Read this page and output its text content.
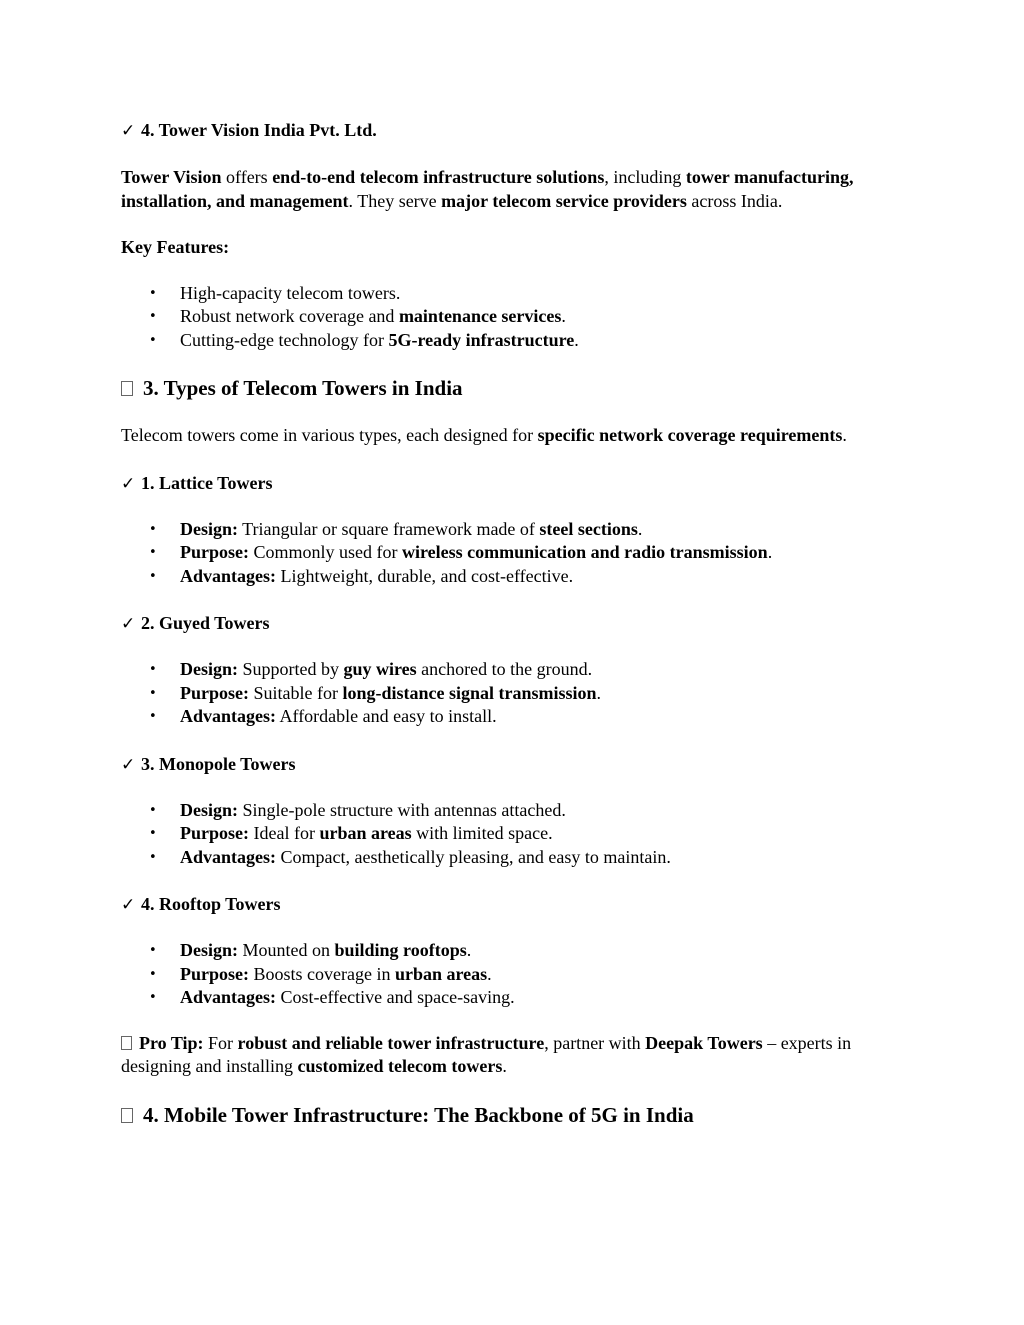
✓ 4. Tower Vision India Pvt. Ltd.

Tower Vision offers end-to-end telecom infrastructure solutions, including tower manufacturing, installation, and management. They serve major telecom service providers across India.

Key Features:

• High-capacity telecom towers.
• Robust network coverage and maintenance services.
• Cutting-edge technology for 5G-ready infrastructure.

3. Types of Telecom Towers in India

Telecom towers come in various types, each designed for specific network coverage requirements.

✓ 1. Lattice Towers

• Design: Triangular or square framework made of steel sections.
• Purpose: Commonly used for wireless communication and radio transmission.
• Advantages: Lightweight, durable, and cost-effective.

✓ 2. Guyed Towers

• Design: Supported by guy wires anchored to the ground.
• Purpose: Suitable for long-distance signal transmission.
• Advantages: Affordable and easy to install.

✓ 3. Monopole Towers

• Design: Single-pole structure with antennas attached.
• Purpose: Ideal for urban areas with limited space.
• Advantages: Compact, aesthetically pleasing, and easy to maintain.

✓ 4. Rooftop Towers

• Design: Mounted on building rooftops.
• Purpose: Boosts coverage in urban areas.
• Advantages: Cost-effective and space-saving.

Pro Tip: For robust and reliable tower infrastructure, partner with Deepak Towers – experts in designing and installing customized telecom towers.

4. Mobile Tower Infrastructure: The Backbone of 5G in India
